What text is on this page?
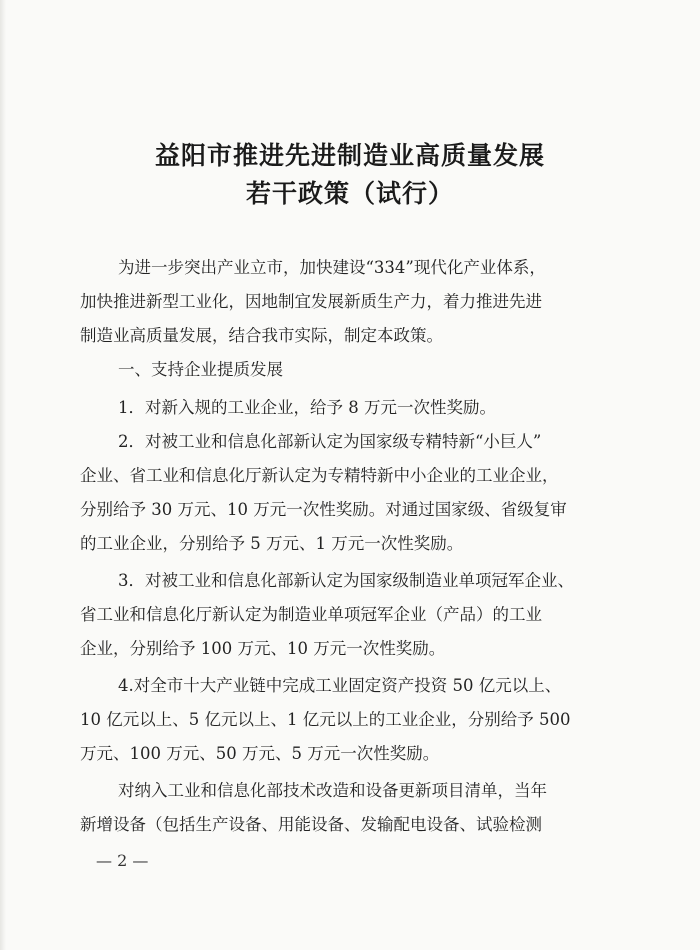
益阳市推进先进制造业高质量发展
若干政策（试行）
为进一步突出产业立市，加快建设“334”现代化产业体系，
加快推进新型工业化，因地制宜发展新质生产力，着力推进先进
制造业高质量发展，结合我市实际，制定本政策。
一、支持企业提质发展
1．对新入规的工业企业，给予 8 万元一次性奖励。
2．对被工业和信息化部新认定为国家级专精特新“小巨人”
企业、省工业和信息化厅新认定为专精特新中小企业的工业企业，
分别给予 30 万元、10 万元一次性奖励。对通过国家级、省级复审
的工业企业，分别给予 5 万元、1 万元一次性奖励。
3．对被工业和信息化部新认定为国家级制造业单项冠军企业、
省工业和信息化厅新认定为制造业单项冠军企业（产品）的工业
企业，分别给予 100 万元、10 万元一次性奖励。
4.对全市十大产业链中完成工业固定资产投资 50 亿元以上、
10 亿元以上、5 亿元以上、1 亿元以上的工业企业，分别给予 500
万元、100 万元、50 万元、5 万元一次性奖励。
对纳入工业和信息化部技术改造和设备更新项目清单，当年
新增设备（包括生产设备、用能设备、发输配电设备、试验检测
— 2 —
